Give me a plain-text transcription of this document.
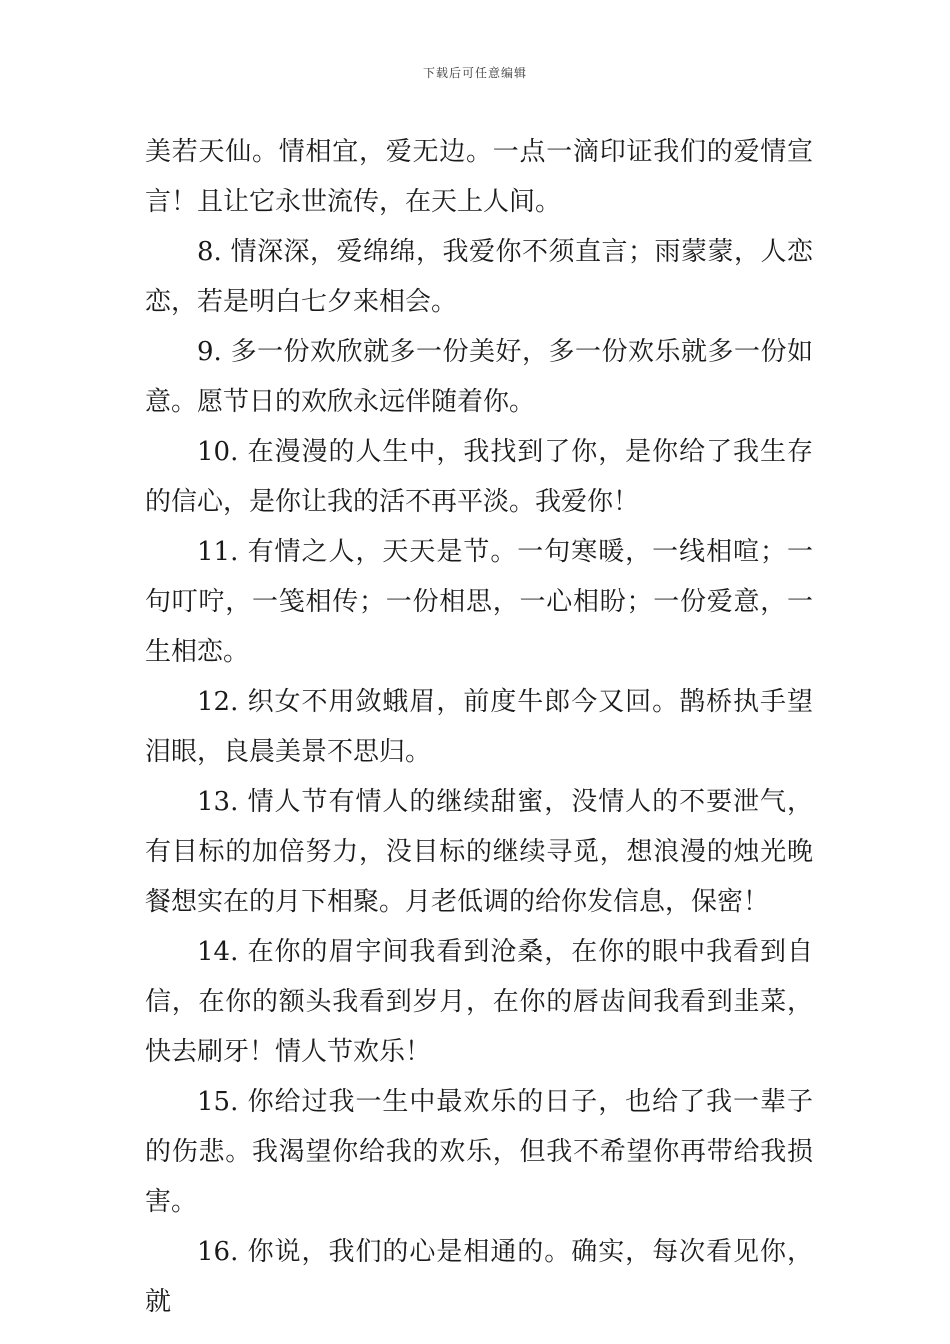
下载后可任意编辑

美若天仙。情相宜，爱无边。一点一滴印证我们的爱情宣言！且让它永世流传，在天上人间。

8. 情深深，爱绵绵，我爱你不须直言；雨蒙蒙，人恋恋，若是明白七夕来相会。

9. 多一份欢欣就多一份美好，多一份欢乐就多一份如意。愿节日的欢欣永远伴随着你。

10. 在漫漫的人生中，我找到了你，是你给了我生存的信心，是你让我的活不再平淡。我爱你！

11. 有情之人，天天是节。一句寒暖，一线相喧；一句叮咛，一笺相传；一份相思，一心相盼；一份爱意，一生相恋。

12. 织女不用敛蛾眉，前度牛郎今又回。鹊桥执手望泪眼，良晨美景不思归。

13. 情人节有情人的继续甜蜜，没情人的不要泄气，有目标的加倍努力，没目标的继续寻觅，想浪漫的烛光晚餐想实在的月下相聚。月老低调的给你发信息，保密！

14. 在你的眉宇间我看到沧桑，在你的眼中我看到自信，在你的额头我看到岁月，在你的唇齿间我看到韭菜，快去刷牙！情人节欢乐！

15. 你给过我一生中最欢乐的日子，也给了我一辈子的伤悲。我渴望你给我的欢乐，但我不希望你再带给我损害。

16. 你说，我们的心是相通的。确实，每次看见你，就
